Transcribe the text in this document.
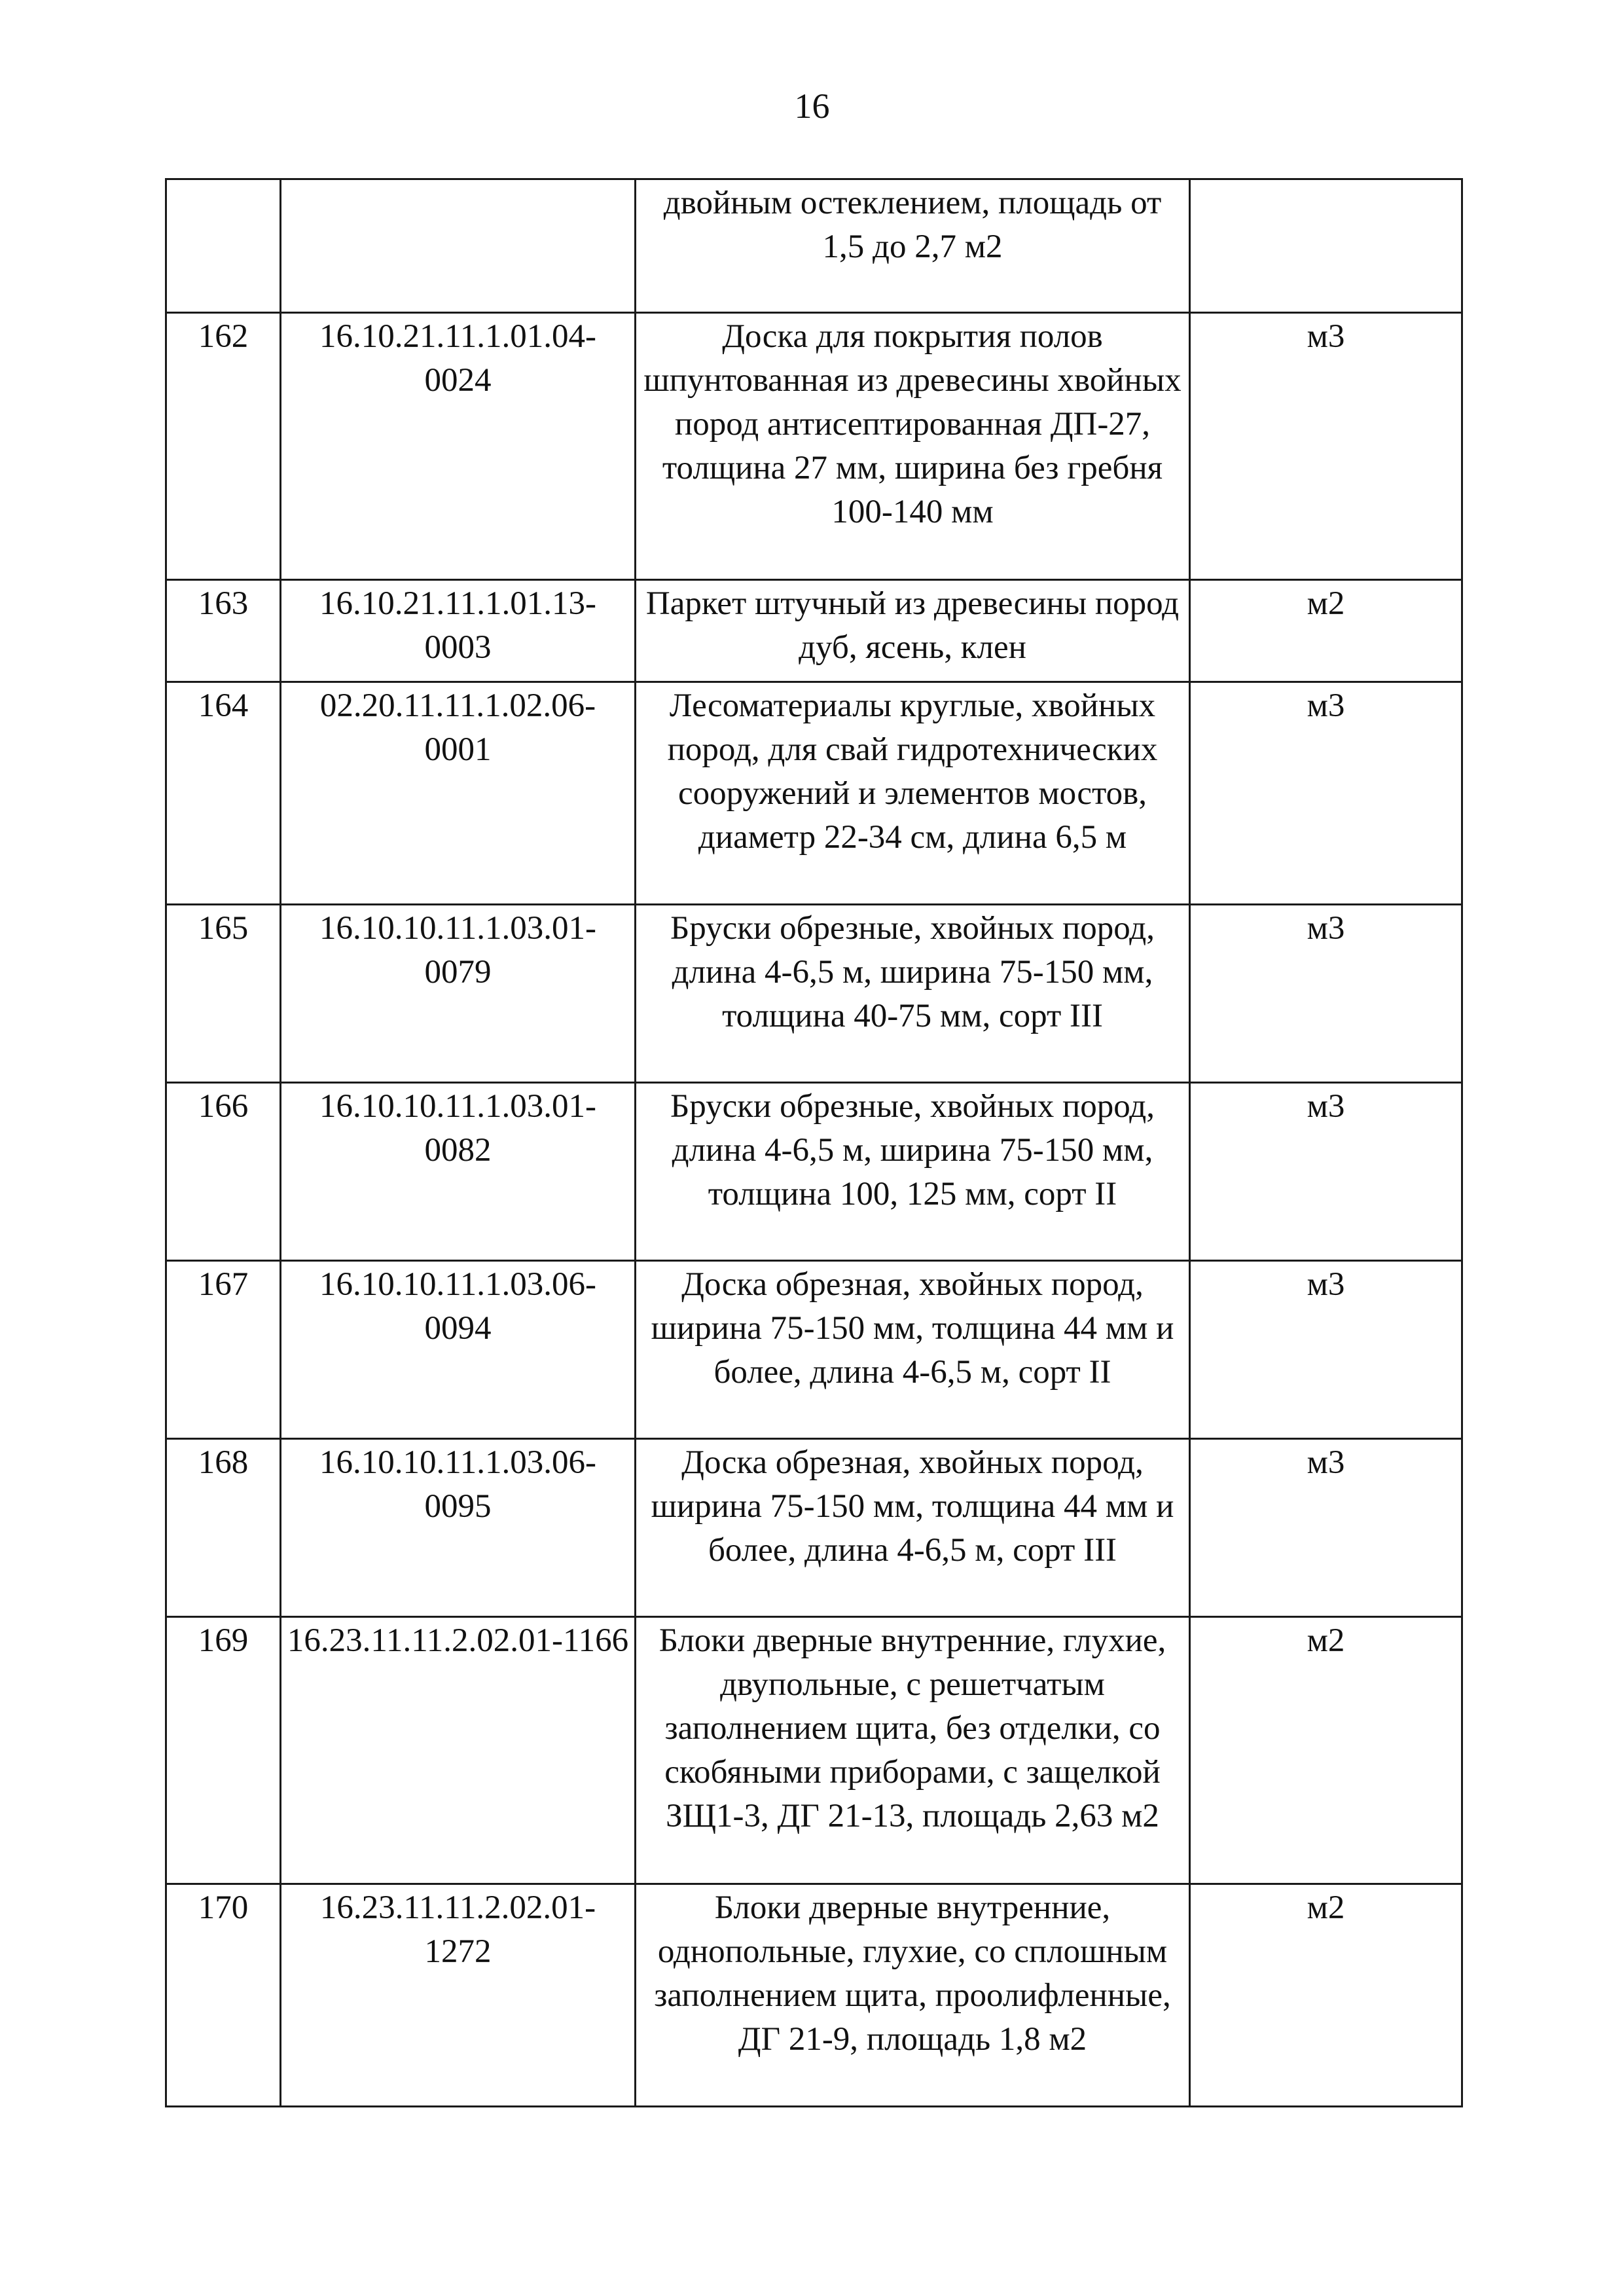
16
		двойным остеклением, площадь от 1,5 до 2,7 м2	
162	16.10.21.11.1.01.04-0024	Доска для покрытия полов шпунтованная из древесины хвойных пород антисептированная ДП-27, толщина 27 мм, ширина без гребня 100-140 мм	м3
163	16.10.21.11.1.01.13-0003	Паркет штучный из древесины пород дуб, ясень, клен	м2
164	02.20.11.11.1.02.06-0001	Лесоматериалы круглые, хвойных пород, для свай гидротехнических сооружений и элементов мостов, диаметр 22-34 см, длина 6,5 м	м3
165	16.10.10.11.1.03.01-0079	Бруски обрезные, хвойных пород, длина 4-6,5 м, ширина 75-150 мм, толщина 40-75 мм, сорт III	м3
166	16.10.10.11.1.03.01-0082	Бруски обрезные, хвойных пород, длина 4-6,5 м, ширина 75-150 мм, толщина 100, 125 мм, сорт II	м3
167	16.10.10.11.1.03.06-0094	Доска обрезная, хвойных пород, ширина 75-150 мм, толщина 44 мм и более, длина 4-6,5 м, сорт II	м3
168	16.10.10.11.1.03.06-0095	Доска обрезная, хвойных пород, ширина 75-150 мм, толщина 44 мм и более, длина 4-6,5 м, сорт III	м3
169	16.23.11.11.2.02.01-1166	Блоки дверные внутренние, глухие, двупольные, с решетчатым заполнением щита, без отделки, со скобяными приборами, с защелкой ЗЩ1-3, ДГ 21-13, площадь 2,63 м2	м2
170	16.23.11.11.2.02.01-1272	Блоки дверные внутренние, однопольные, глухие, со сплошным заполнением щита, проолифленные, ДГ 21-9, площадь 1,8 м2	м2
